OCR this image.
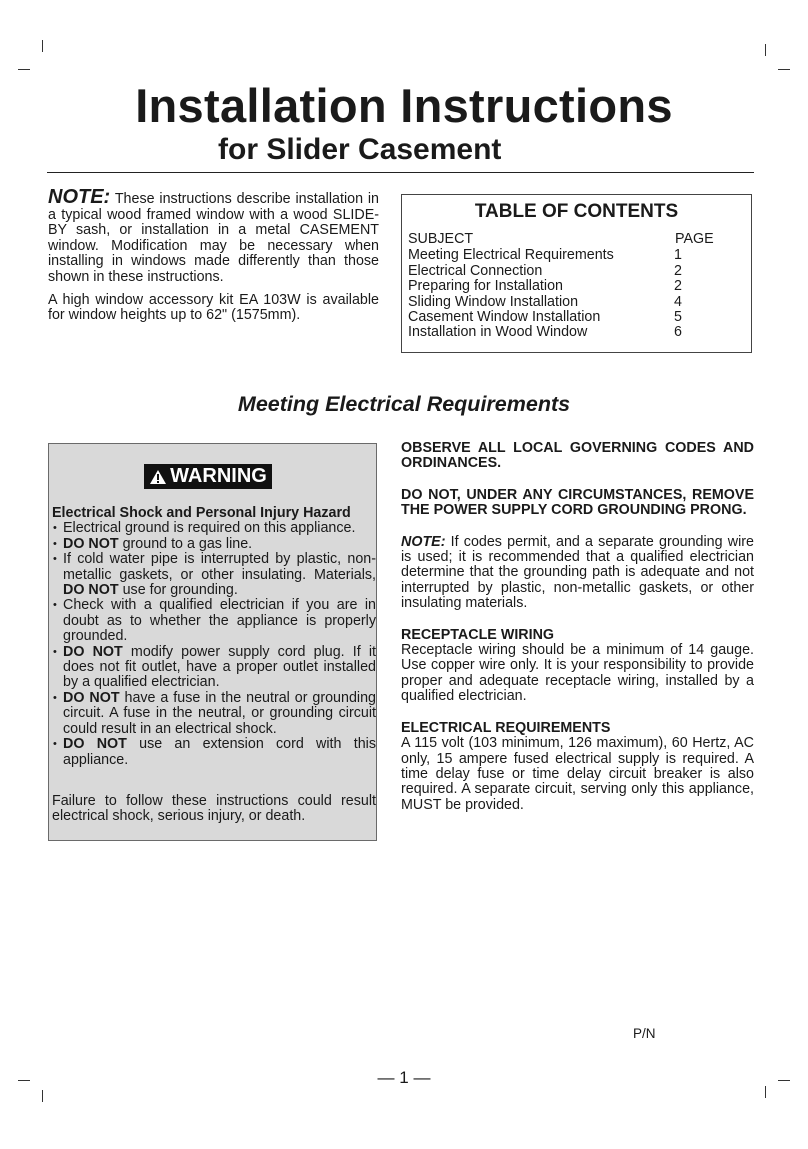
Installation Instructions
for Slider Casement

NOTE: These instructions describe installation in a typical wood framed window with a wood SLIDE-BY sash, or installation in a metal CASEMENT window. Modification may be necessary when installing in windows made differently than those shown in these instructions.

A high window accessory kit EA 103W is available for window heights up to 62" (1575mm).

TABLE OF CONTENTS
SUBJECT	PAGE
Meeting Electrical Requirements	1
Electrical Connection	2
Preparing for Installation	2
Sliding Window Installation	4
Casement Window Installation	5
Installation in Wood Window	6
Meeting Electrical Requirements
WARNING
Electrical Shock and Personal Injury Hazard
• Electrical ground is required on this appliance.
• DO NOT ground to a gas line.
• If cold water pipe is interrupted by plastic, non-metallic gaskets, or other insulating. Materials, DO NOT use for grounding.
• Check with a qualified electrician if you are in doubt as to whether the appliance is properly grounded.
• DO NOT modify power supply cord plug. If it does not fit outlet, have a proper outlet installed by a qualified electrician.
• DO NOT have a fuse in the neutral or grounding circuit. A fuse in the neutral, or grounding circuit could result in an electrical shock.
• DO NOT use an extension cord with this appliance.
Failure to follow these instructions could result electrical shock, serious injury, or death.

OBSERVE ALL LOCAL GOVERNING CODES AND ORDINANCES.

DO NOT, UNDER ANY CIRCUMSTANCES, REMOVE THE POWER SUPPLY CORD GROUNDING PRONG.

NOTE: If codes permit, and a separate grounding wire is used; it is recommended that a qualified electrician determine that the grounding path is adequate and not interrupted by plastic, non-metallic gaskets, or other insulating materials.

RECEPTACLE WIRING

Receptacle wiring should be a minimum of 14 gauge. Use copper wire only. It is your responsibility to provide proper and adequate receptacle wiring, installed by a qualified electrician.

ELECTRICAL REQUIREMENTS

A 115 volt (103 minimum, 126 maximum), 60 Hertz, AC only, 15 ampere fused electrical supply is required. A time delay fuse or time delay circuit breaker is also required. A separate circuit, serving only this appliance, MUST be provided.

P/N
— 1 —
